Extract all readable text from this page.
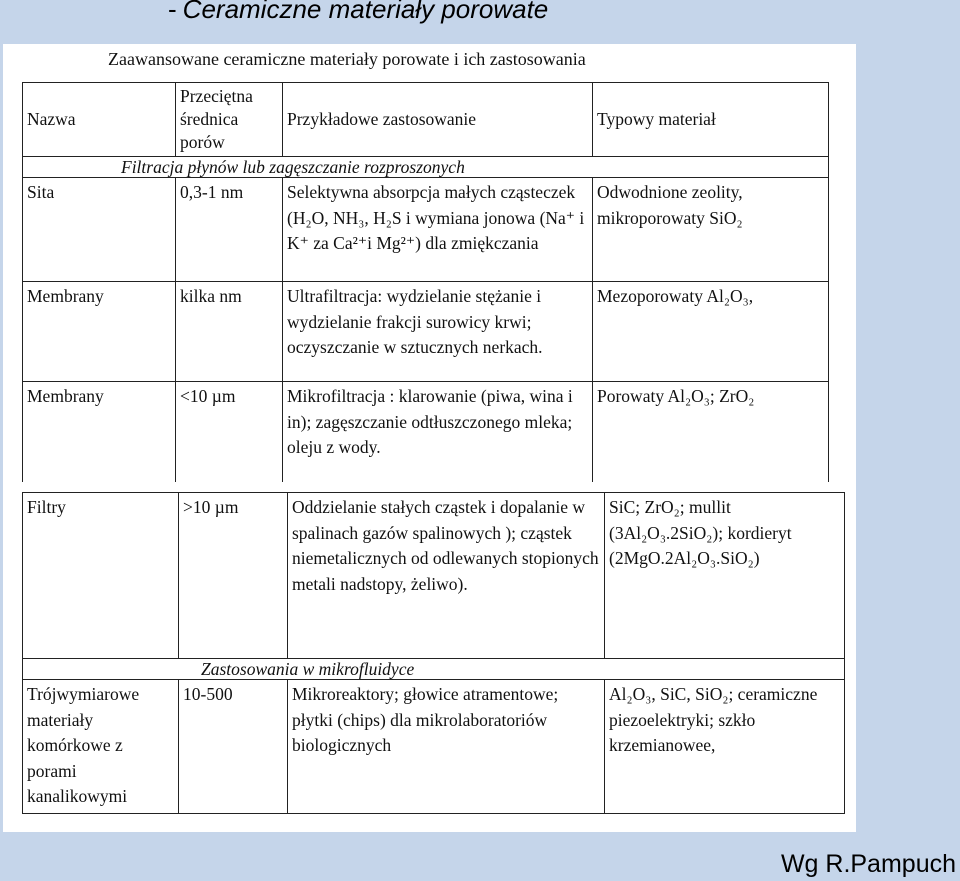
- Ceramiczne materiały porowate
Zaawansowane ceramiczne materiały porowate i ich zastosowania
Nazwa	Przeciętna średnica porów	Przykładowe zastosowanie	Typowy materiał
Filtracja płynów lub zagęszczanie rozproszonych			
Sita	0,3-1 nm	Selektywna absorpcja małych cząsteczek (H₂O, NH₃, H₂S i wymiana jonowa (Na⁺ i K⁺ za Ca²⁺i Mg²⁺) dla zmiękczania	Odwodnione zeolity, mikroporowaty SiO₂
Membrany	kilka nm	Ultrafiltracja: wydzielanie stężanie i wydzielanie frakcji surowicy krwi; oczyszczanie w sztucznych nerkach.	Mezoporowaty Al₂O₃,
Membrany	<10 µm	Mikrofiltracja : klarowanie (piwa, wina i in); zagęszczanie odtłuszczonego mleka; oleju z wody.	Porowaty Al₂O₃; ZrO₂
Filtry	>10 µm	Oddzielanie stałych cząstek i dopalanie w spalinach gazów spalinowych ); cząstek niemetalicznych od odlewanych stopionych metali nadstopy, żeliwo).	SiC; ZrO₂; mullit (3Al₂O₃.2SiO₂); kordieryt (2MgO.2Al₂O₃.SiO₂)
Zastosowania w mikrofluidyce			
Trójwymiarowe materiały komórkowe z porami kanalikowymi	10-500	Mikroreaktory; głowice atramentowe; płytki (chips) dla mikrolaboratoriów biologicznych	Al₂O₃, SiC, SiO₂; ceramiczne piezoelektryki; szkło krzemianowee,
Wg R.Pampuch
